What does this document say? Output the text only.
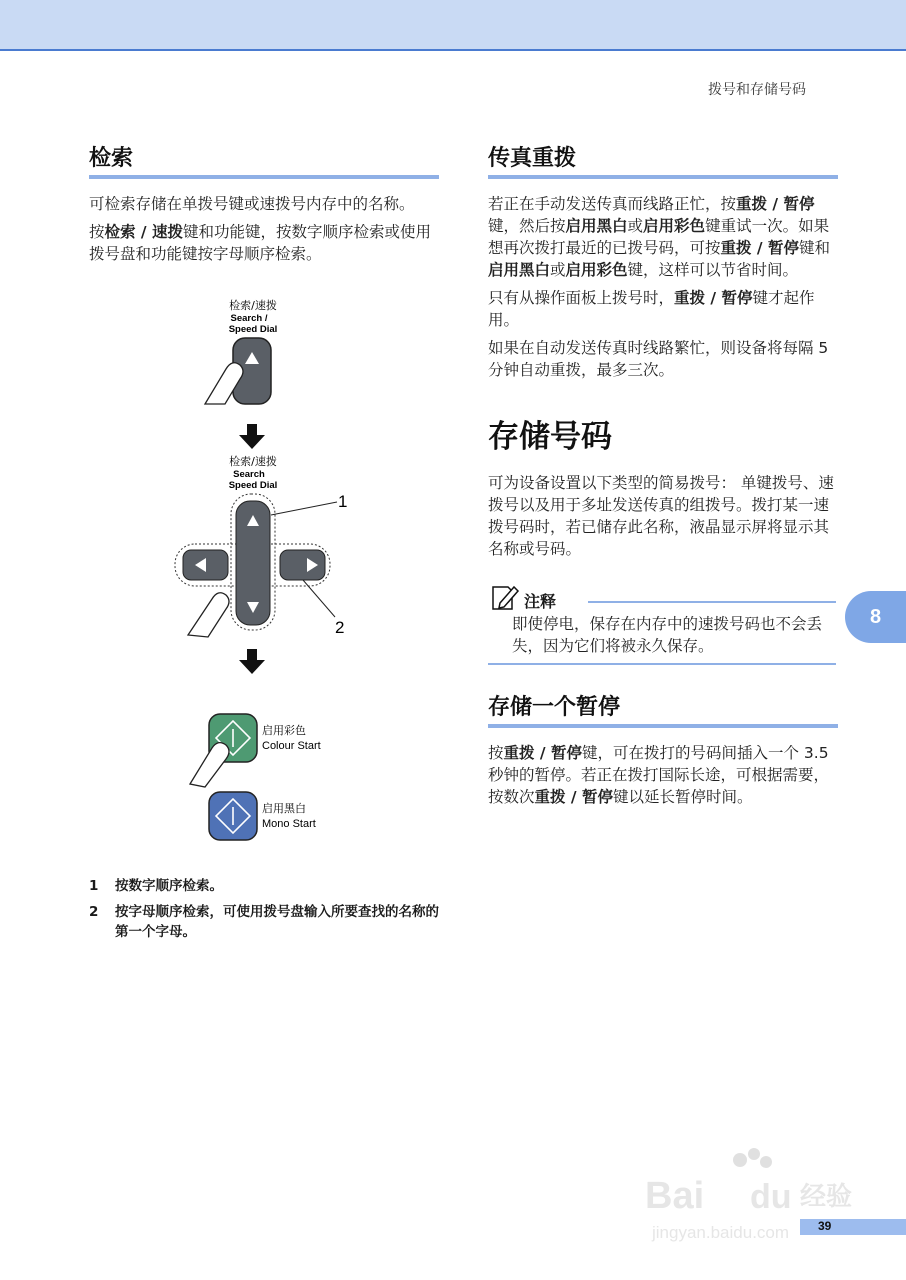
拨号和存储号码
检索

可检索存储在单拨号键或速拨号内存中的名称。

按检索 / 速拨键和功能键，按数字顺序检索或使用拨号盘和功能键按字母顺序检索。

检索/速拨
Search /
Speed Dial
检索/速拨
Search
Speed Dial
1
2
启用彩色
Colour Start
启用黑白
Mono Start
1	按数字顺序检索。
2	按字母顺序检索，可使用拨号盘输入所要查找的名称的第一个字母。
传真重拨

若正在手动发送传真而线路正忙，按重拨 / 暂停键，然后按启用黑白或启用彩色键重试一次。如果想再次拨打最近的已拨号码，可按重拨 / 暂停键和启用黑白或启用彩色键，这样可以节省时间。

只有从操作面板上拨号时，重拨 / 暂停键才起作用。

如果在自动发送传真时线路繁忙，则设备将每隔 5 分钟自动重拨，最多三次。

存储号码

可为设备设置以下类型的简易拨号： 单键拨号、速拨号以及用于多址发送传真的组拨号。拨打某一速拨号码时，若已储存此名称，液晶显示屏将显示其名称或号码。

注释
即使停电，保存在内存中的速拨号码也不会丢失，因为它们将被永久保存。
存储一个暂停

按重拨 / 暂停键，可在拨打的号码间插入一个 3.5 秒钟的暂停。若正在拨打国际长途，可根据需要，按数次重拨 / 暂停键以延长暂停时间。

8
39
Bai du 经验
jingyan.baidu.com
